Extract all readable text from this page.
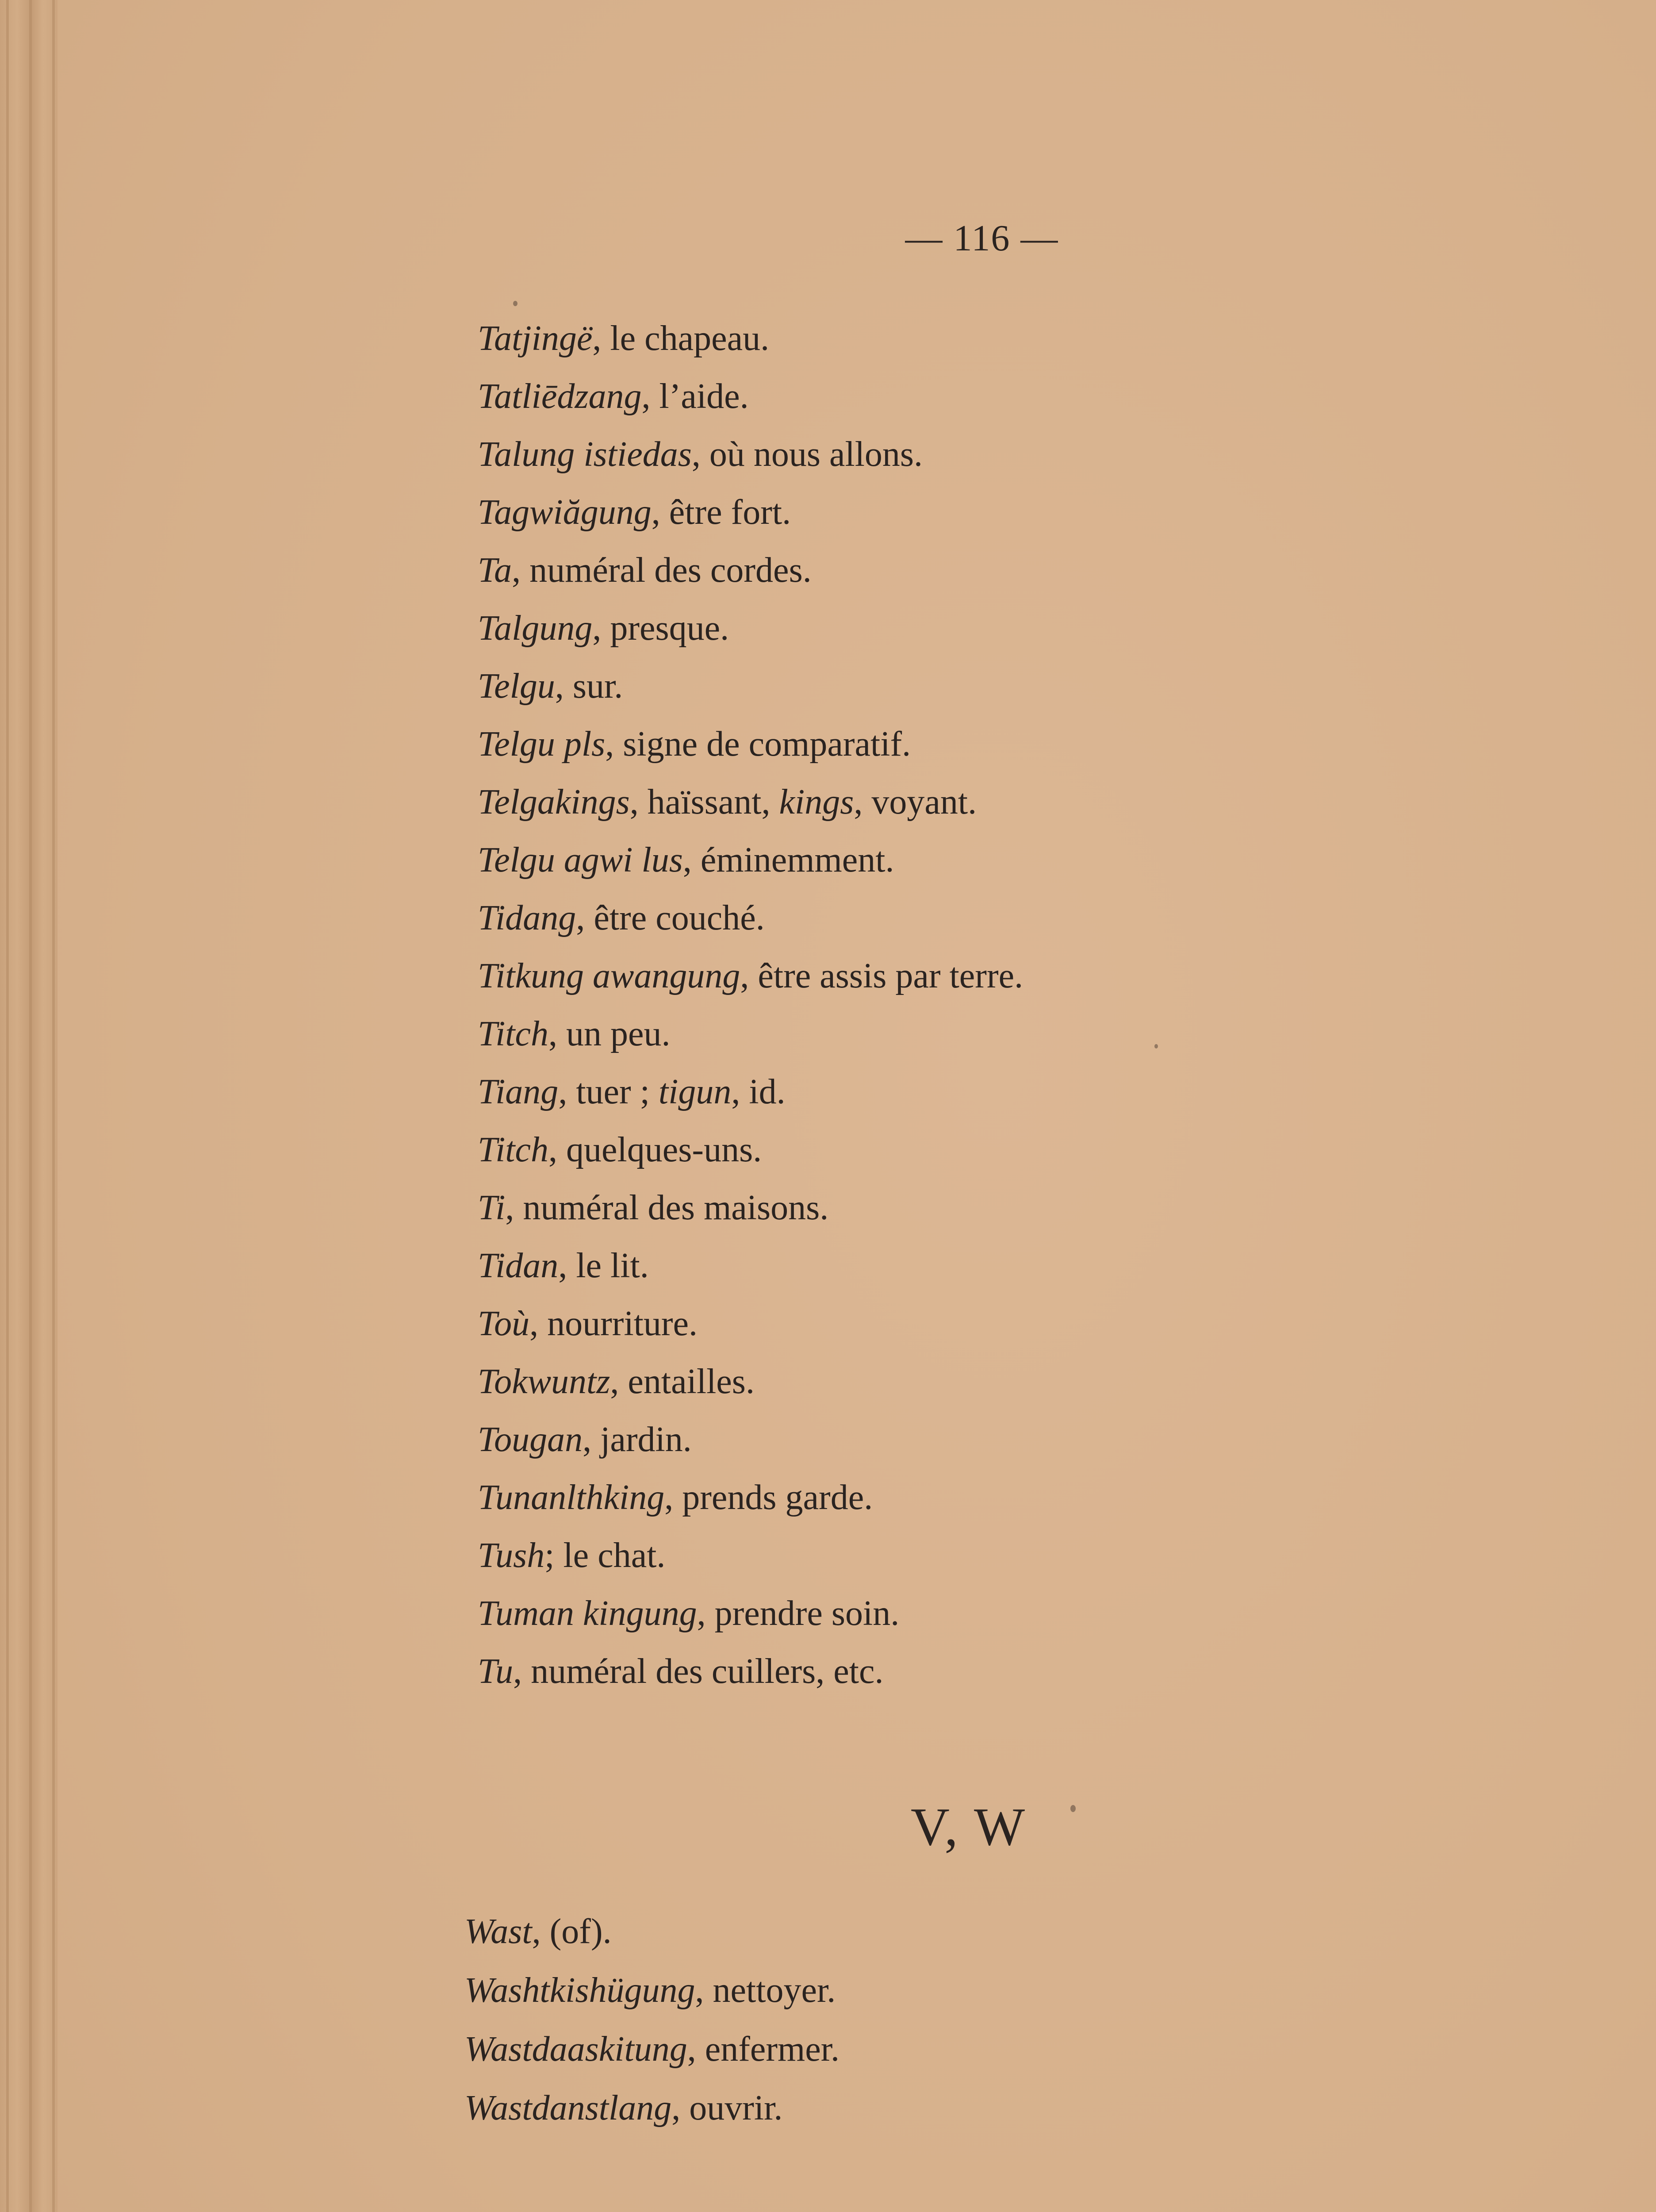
— 116 —
Tatjingë, le chapeau.
Tatliēdzang, l’aide.
Talung istiedas, où nous allons.
Tagwiăgung, être fort.
Ta, numéral des cordes.
Talgung, presque.
Telgu, sur.
Telgu pls, signe de comparatif.
Telgakings, haïssant, kings, voyant.
Telgu agwi lus, éminemment.
Tidang, être couché.
Titkung awangung, être assis par terre.
Titch, un peu.
Tiang, tuer ; tigun, id.
Titch, quelques-uns.
Ti, numéral des maisons.
Tidan, le lit.
Toù, nourriture.
Tokwuntz, entailles.
Tougan, jardin.
Tunanlthking, prends garde.
Tush; le chat.
Tuman kingung, prendre soin.
Tu, numéral des cuillers, etc.
V, W
Wast, (of).
Washtkishügung, nettoyer.
Wastdaaskitung, enfermer.
Wastdanstlang, ouvrir.
